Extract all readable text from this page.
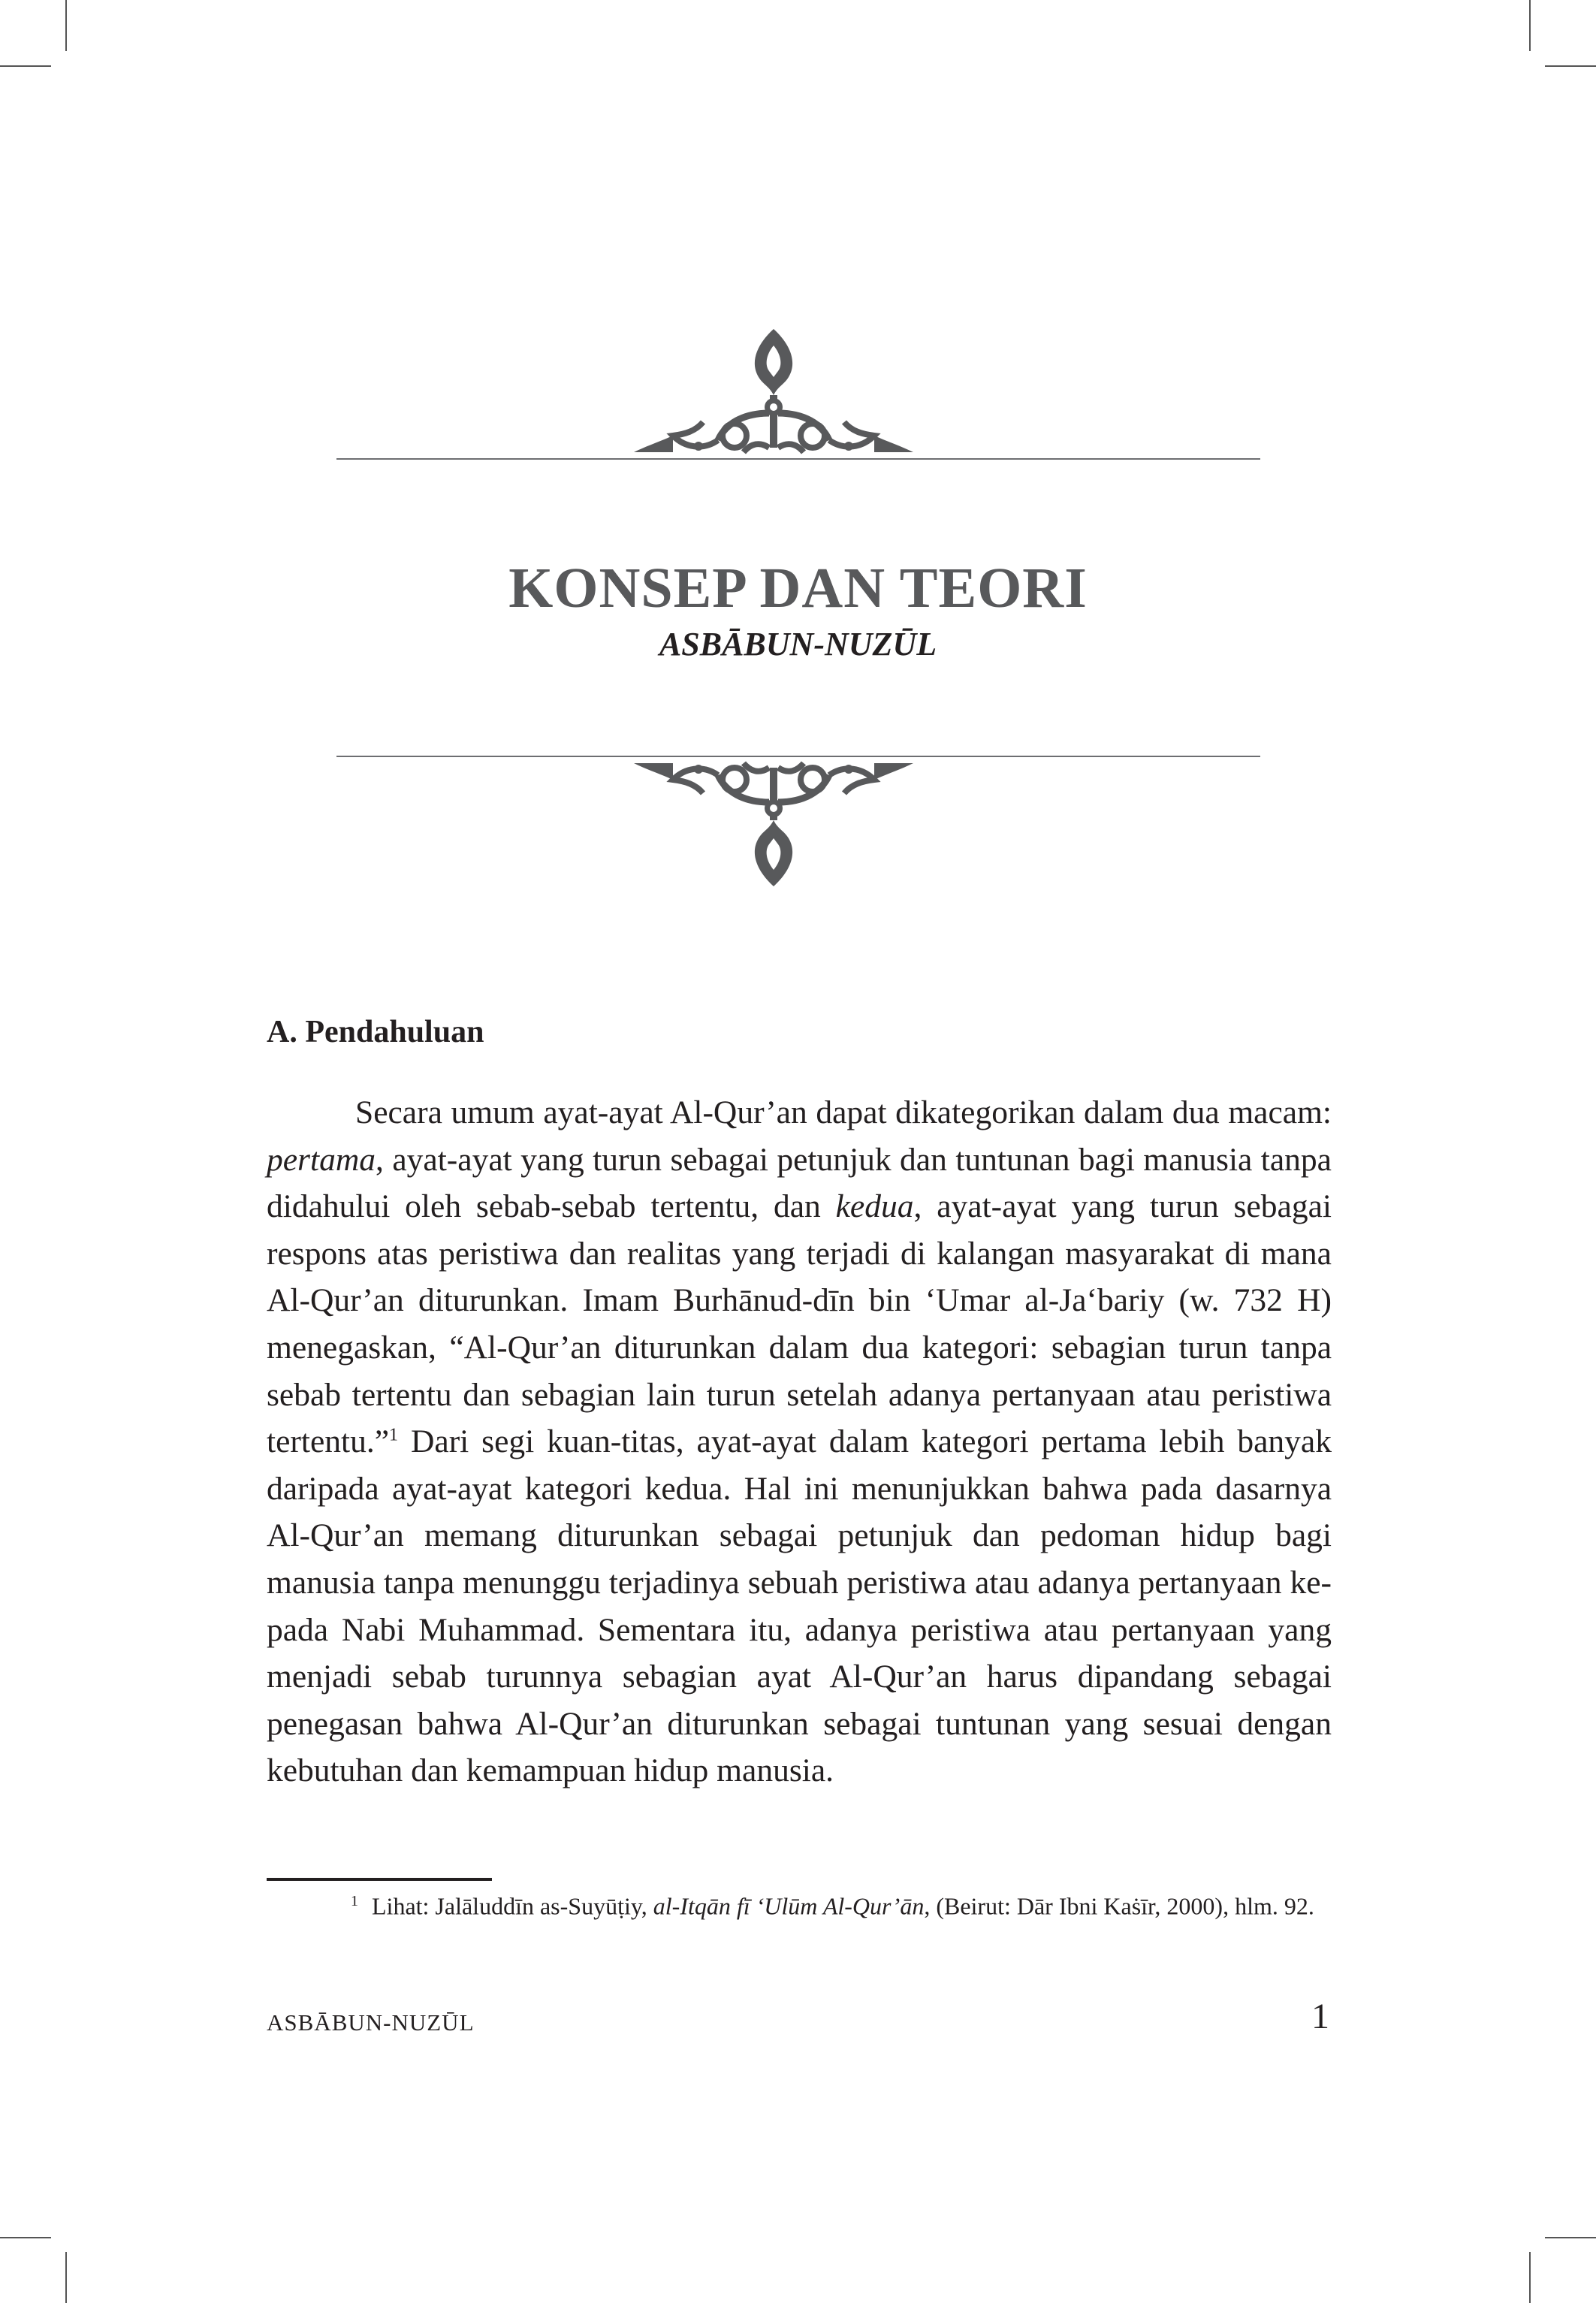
KONSEP DAN TEORI
ASBĀBUN-NUZŪL
A. Pendahuluan

Secara umum ayat-ayat Al-Qur’an dapat dikategorikan dalam dua macam: pertama, ayat-ayat yang turun sebagai petunjuk dan tuntunan bagi manusia tanpa didahului oleh sebab-sebab tertentu, dan kedua, ayat-ayat yang turun sebagai respons atas peristiwa dan realitas yang terjadi di kalangan masyarakat di mana Al-Qur’an diturunkan. Imam Burhānud-dīn bin ‘Umar al-Ja‘bariy (w. 732 H) menegaskan, “Al-Qur’an diturunkan dalam dua kategori: sebagian turun tanpa sebab tertentu dan sebagian lain turun setelah adanya pertanyaan atau peristiwa tertentu.”$^1$ Dari segi kuan-titas, ayat-ayat dalam kategori pertama lebih banyak daripada ayat-ayat kategori kedua. Hal ini menunjukkan bahwa pada dasarnya Al-Qur’an memang diturunkan sebagai petunjuk dan pedoman hidup bagi manusia tanpa menunggu terjadinya sebuah peristiwa atau adanya pertanyaan ke-pada Nabi Muhammad. Sementara itu, adanya peristiwa atau pertanyaan yang menjadi sebab turunnya sebagian ayat Al-Qur’an harus dipandang sebagai penegasan bahwa Al-Qur’an diturunkan sebagai tuntunan yang sesuai dengan kebutuhan dan kemampuan hidup manusia.

$^1$ Lihat: Jalāluddīn as-Suyūṭiy, al-Itqān fī ‘Ulūm Al-Qur’ān, (Beirut: Dār Ibni Kaṡīr, 2000), hlm. 92.

ASBĀBUN-NUZŪL	1
